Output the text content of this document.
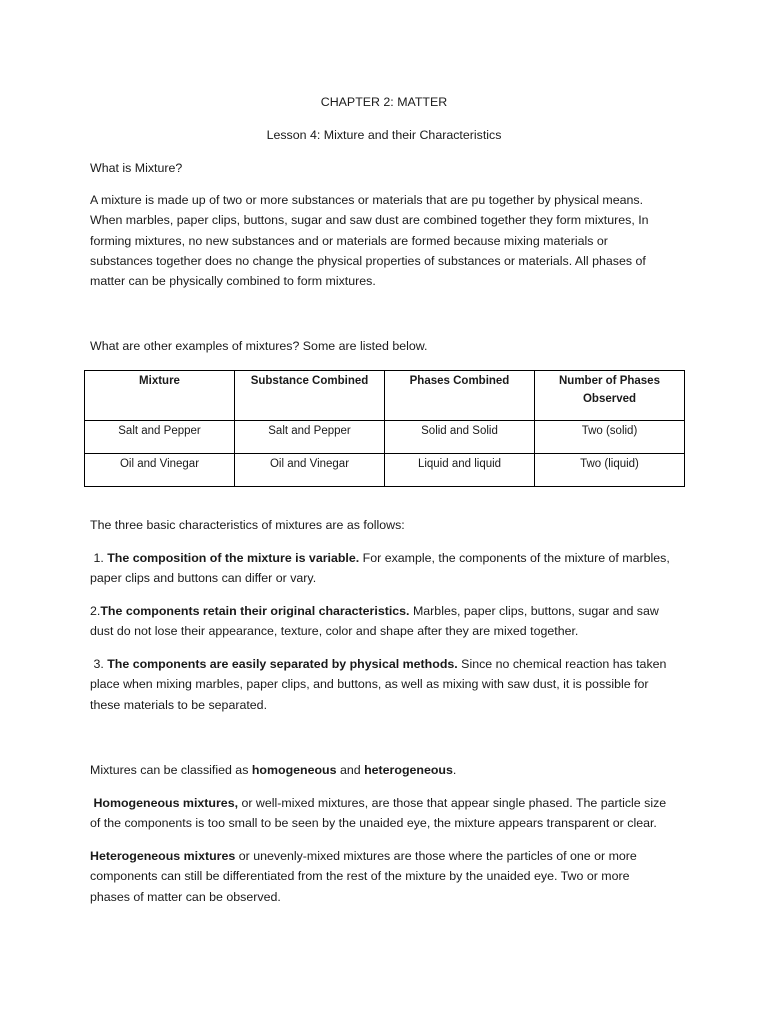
CHAPTER 2: MATTER
Lesson 4: Mixture and their Characteristics
What is Mixture?
A mixture is made up of two or more substances or materials that are pu together by physical means.
When marbles, paper clips, buttons, sugar and saw dust are combined together they form mixtures, In
forming mixtures, no new substances and or materials are formed because mixing materials or
substances together does no change the physical properties of substances or materials. All phases of
matter can be physically combined to form mixtures.
What are other examples of mixtures? Some are listed below.
Mixture	Substance Combined	Phases Combined	Number of Phases
Observed
Salt and Pepper	Salt and Pepper	Solid and Solid	Two (solid)
Oil and Vinegar	Oil and Vinegar	Liquid and liquid	Two (liquid)
The three basic characteristics of mixtures are as follows:
1. The composition of the mixture is variable. For example, the components of the mixture of marbles,
paper clips and buttons can differ or vary.
2.The components retain their original characteristics. Marbles, paper clips, buttons, sugar and saw
dust do not lose their appearance, texture, color and shape after they are mixed together.
3. The components are easily separated by physical methods. Since no chemical reaction has taken
place when mixing marbles, paper clips, and buttons, as well as mixing with saw dust, it is possible for
these materials to be separated.
Mixtures can be classified as homogeneous and heterogeneous.
Homogeneous mixtures, or well-mixed mixtures, are those that appear single phased. The particle size
of the components is too small to be seen by the unaided eye, the mixture appears transparent or clear.
Heterogeneous mixtures or unevenly-mixed mixtures are those where the particles of one or more
components can still be differentiated from the rest of the mixture by the unaided eye. Two or more
phases of matter can be observed.
